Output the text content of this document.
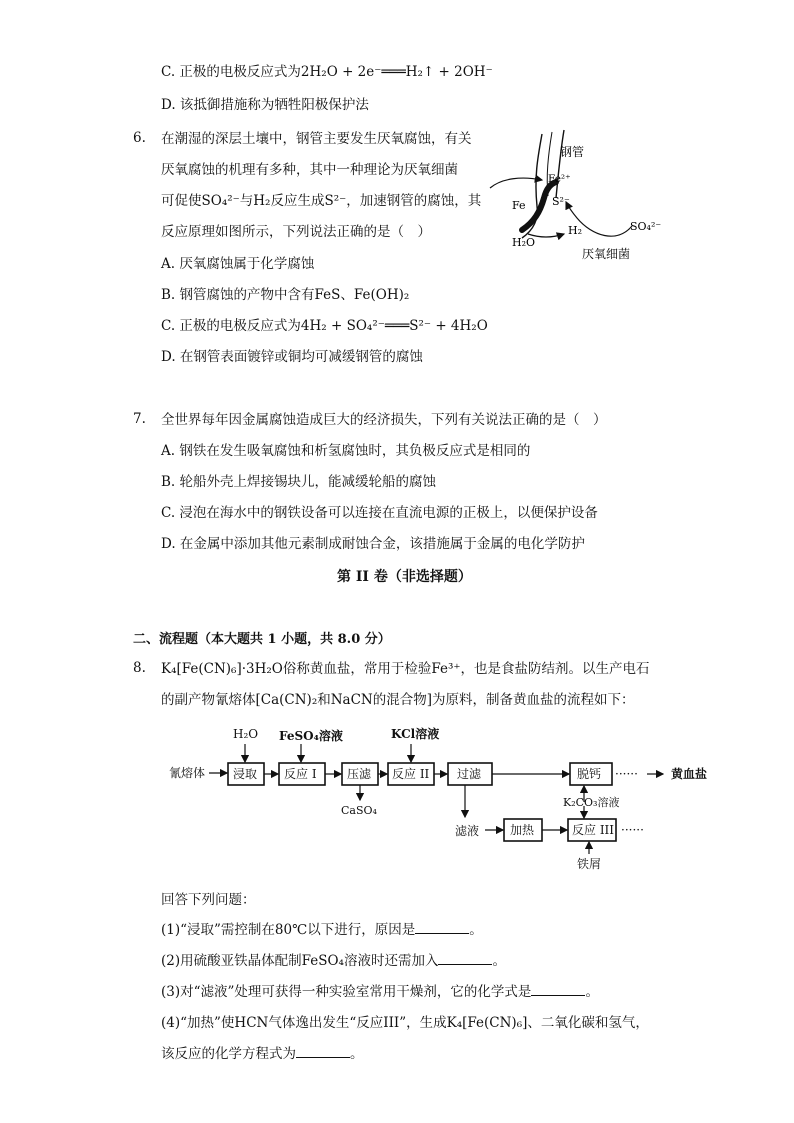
C. 正极的电极反应式为2H₂O + 2e⁻═══H₂↑ + 2OH⁻
D. 该抵御措施称为牺牲阳极保护法
6. 在潮湿的深层土壤中，钢管主要发生厌氧腐蚀，有关
厌氧腐蚀的机理有多种，其中一种理论为厌氧细菌
可促使SO₄²⁻与H₂反应生成S²⁻，加速钢管的腐蚀，其
反应原理如图所示，下列说法正确的是（　）
A. 厌氧腐蚀属于化学腐蚀
B. 钢管腐蚀的产物中含有FeS、Fe(OH)₂
C. 正极的电极反应式为4H₂ + SO₄²⁻═══S²⁻ + 4H₂O
D. 在钢管表面镀锌或铜均可减缓钢管的腐蚀
钢管
Fe²⁺
Fe S²⁻
H₂O
H₂	SO₄²⁻
厌氧细菌
7. 全世界每年因金属腐蚀造成巨大的经济损失，下列有关说法正确的是（　）
A. 钢铁在发生吸氧腐蚀和析氢腐蚀时，其负极反应式是相同的
B. 轮船外壳上焊接锡块儿，能减缓轮船的腐蚀
C. 浸泡在海水中的钢铁设备可以连接在直流电源的正极上，以便保护设备
D. 在金属中添加其他元素制成耐蚀合金，该措施属于金属的电化学防护
第 II 卷（非选择题）
二、流程题（本大题共 1 小题，共 8.0 分）
8. K₄[Fe(CN)₆]·3H₂O俗称黄血盐，常用于检验Fe³⁺，也是食盐防结剂。以生产电石
的副产物氰熔体[Ca(CN)₂和NaCN的混合物]为原料，制备黄血盐的流程如下：
H₂O FeSO₄溶液	KCl溶液
氰熔体 浸取 反应 I	压滤 反应 II 过滤	脱钙 ······	黄血盐
CaSO₄
滤液	加热	反应 III ······
K₂CO₃溶液
铁屑
回答下列问题：
(1)“浸取”需控制在80℃以下进行，原因是	。
(2)用硫酸亚铁晶体配制FeSO₄溶液时还需加入	。
(3)对“滤液”处理可获得一种实验室常用干燥剂，它的化学式是	。
(4)“加热”使HCN气体逸出发生“反应III”，生成K₄[Fe(CN)₆]、二氧化碳和氢气，
该反应的化学方程式为	。
